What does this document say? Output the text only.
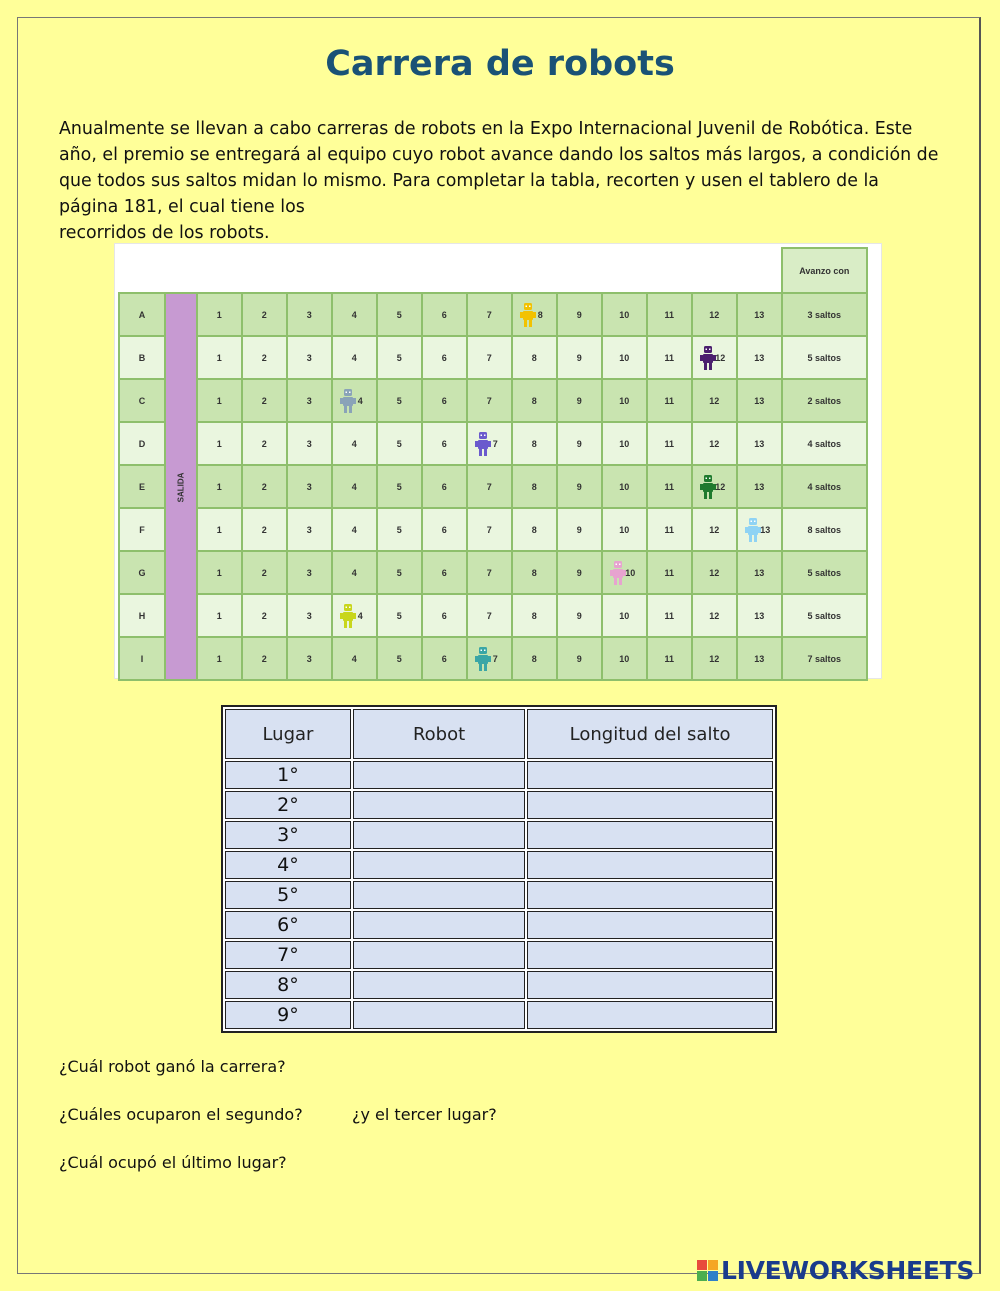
Carrera de robots

Anualmente se llevan a cabo carreras de robots en la Expo Internacional Juvenil de Robótica. Este año, el premio se entregará al equipo cuyo robot avance dando los saltos más largos, a condición de que todos sus saltos midan lo mismo. Para completar la tabla, recorten y usen el tablero de la página 181, el cual tiene los

recorridos de los robots.

															Avanzo con
A	SALIDA	1	2	3	4	5	6	7	8	9	10	11	12	13	3 saltos
B		1	2	3	4	5	6	7	8	9	10	11	12	13	5 saltos
C		1	2	3	4	5	6	7	8	9	10	11	12	13	2 saltos
D		1	2	3	4	5	6	7	8	9	10	11	12	13	4 saltos
E		1	2	3	4	5	6	7	8	9	10	11	12	13	4 saltos
F		1	2	3	4	5	6	7	8	9	10	11	12	13	8 saltos
G		1	2	3	4	5	6	7	8	9	10	11	12	13	5 saltos
H		1	2	3	4	5	6	7	8	9	10	11	12	13	5 saltos
I		1	2	3	4	5	6	7	8	9	10	11	12	13	7 saltos
Lugar	Robot	Longitud del salto
1°		
2°		
3°		
4°		
5°		
6°		
7°		
8°		
9°		
¿Cuál robot ganó la carrera?
¿Cuáles ocuparon el segundo?	¿y el tercer lugar?
¿Cuál ocupó el último lugar?
LIVEWORKSHEETS
